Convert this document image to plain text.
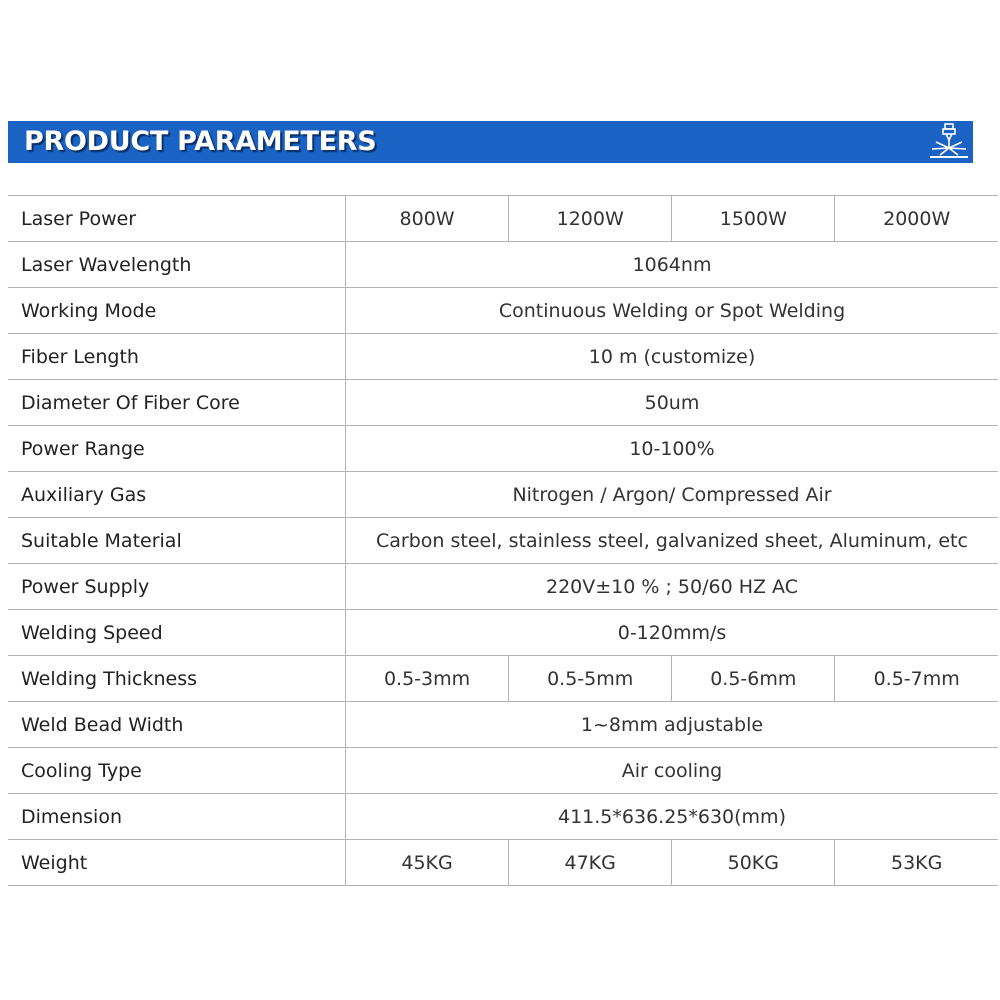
PRODUCT PARAMETERS
Laser Power	800W	1200W	1500W	2000W
Laser Wavelength	1064nm			
Working Mode	Continuous Welding or Spot Welding			
Fiber Length	10 m (customize)			
Diameter Of Fiber Core	50um			
Power Range	10-100%			
Auxiliary Gas	Nitrogen / Argon/ Compressed Air			
Suitable Material	Carbon steel, stainless steel, galvanized sheet, Aluminum, etc			
Power Supply	220V±10 % ; 50/60 HZ AC			
Welding Speed	0-120mm/s			
Welding Thickness	0.5-3mm	0.5-5mm	0.5-6mm	0.5-7mm
Weld Bead Width	1~8mm adjustable			
Cooling Type	Air cooling			
Dimension	411.5*636.25*630(mm)			
Weight	45KG	47KG	50KG	53KG
